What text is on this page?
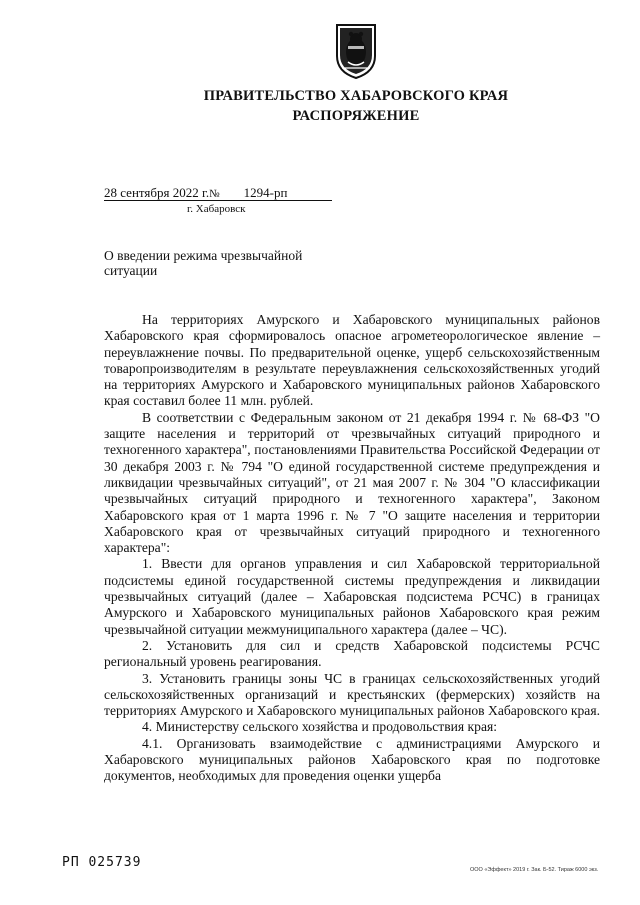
ПРАВИТЕЛЬСТВО ХАБАРОВСКОГО КРАЯ
РАСПОРЯЖЕНИЕ
28 сентября 2022 г.№ 1294-рп
г. Хабаровск
О введении режима чрезвычайной
ситуации

На территориях Амурского и Хабаровского муниципальных районов Хабаровского края сформировалось опасное агрометеорологическое явление – переувлажнение почвы. По предварительной оценке, ущерб сельскохозяйственным товаропроизводителям в результате переувлажнения сельскохозяйственных угодий на территориях Амурского и Хабаровского муниципальных районов Хабаровского края составил более 11 млн. рублей.

В соответствии с Федеральным законом от 21 декабря 1994 г. № 68-ФЗ "О защите населения и территорий от чрезвычайных ситуаций природного и техногенного характера", постановлениями Правительства Российской Федерации от 30 декабря 2003 г. № 794 "О единой государственной системе предупреждения и ликвидации чрезвычайных ситуаций", от 21 мая 2007 г. № 304 "О классификации чрезвычайных ситуаций природного и техногенного характера", Законом Хабаровского края от 1 марта 1996 г. № 7 "О защите населения и территории Хабаровского края от чрезвычайных ситуаций природного и техногенного характера":

1. Ввести для органов управления и сил Хабаровской территориальной подсистемы единой государственной системы предупреждения и ликвидации чрезвычайных ситуаций (далее – Хабаровская подсистема РСЧС) в границах Амурского и Хабаровского муниципальных районов Хабаровского края режим чрезвычайной ситуации межмуниципального характера (далее – ЧС).

2. Установить для сил и средств Хабаровской подсистемы РСЧС региональный уровень реагирования.

3. Установить границы зоны ЧС в границах сельскохозяйственных угодий сельскохозяйственных организаций и крестьянских (фермерских) хозяйств на территориях Амурского и Хабаровского муниципальных районов Хабаровского края.

4. Министерству сельского хозяйства и продовольствия края:

4.1. Организовать взаимодействие с администрациями Амурского и Хабаровского муниципальных районов Хабаровского края по подготовке документов, необходимых для проведения оценки ущерба

РП 025739	ООО «Эффект» 2019 г. Зак. Б-52. Тираж 6000 экз.
